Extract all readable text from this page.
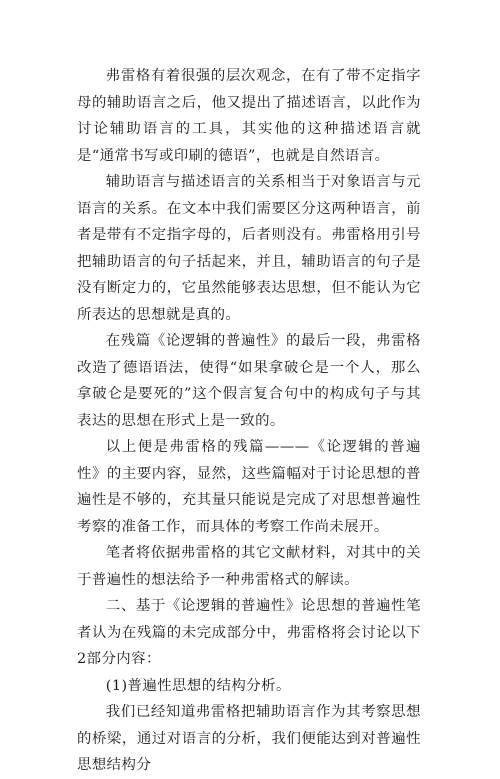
弗雷格有着很强的层次观念，在有了带不定指字母的辅助语言之后，他又提出了描述语言，以此作为讨论辅助语言的工具，其实他的这种描述语言就是“通常书写或印刷的德语”，也就是自然语言。

辅助语言与描述语言的关系相当于对象语言与元语言的关系。在文本中我们需要区分这两种语言，前者是带有不定指字母的，后者则没有。弗雷格用引号把辅助语言的句子括起来，并且，辅助语言的句子是没有断定力的，它虽然能够表达思想，但不能认为它所表达的思想就是真的。

在残篇《论逻辑的普遍性》的最后一段，弗雷格改造了德语语法，使得“如果拿破仑是一个人，那么拿破仑是要死的”这个假言复合句中的构成句子与其表达的思想在形式上是一致的。

以上便是弗雷格的残篇———《论逻辑的普遍性》的主要内容，显然，这些篇幅对于讨论思想的普遍性是不够的，充其量只能说是完成了对思想普遍性考察的准备工作，而具体的考察工作尚未展开。

笔者将依据弗雷格的其它文献材料，对其中的关于普遍性的想法给予一种弗雷格式的解读。

二、基于《论逻辑的普遍性》论思想的普遍性笔者认为在残篇的未完成部分中，弗雷格将会讨论以下2部分内容：

(1)普遍性思想的结构分析。

我们已经知道弗雷格把辅助语言作为其考察思想的桥梁，通过对语言的分析，我们便能达到对普遍性思想结构分
